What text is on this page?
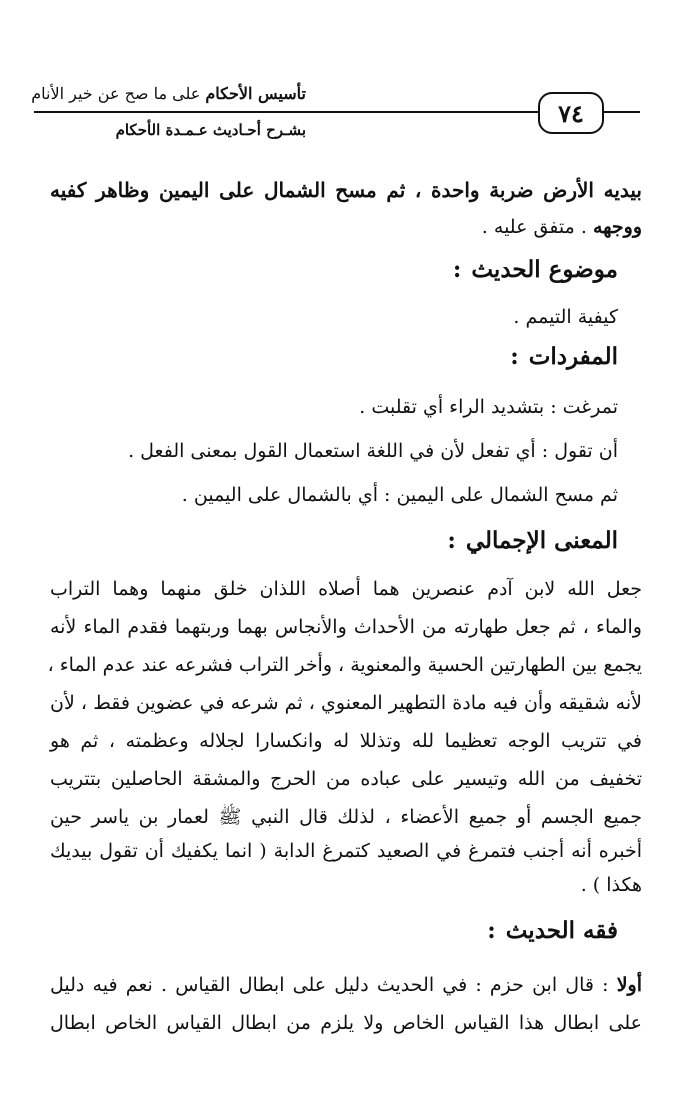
٧٤
تأسيس الأحكام على ما صح عن خير الأنام
بشـرح أحـاديث عـمـدة الأحكام
بيديه الأرض ضربة واحدة ، ثم مسح الشمال على اليمين وظاهر كفيه
ووجهه . متفق عليه .
موضوع الحديث:
كيفية التيمم .
المفردات:
تمرغت : بتشديد الراء أي تقلبت .
أن تقول : أي تفعل لأن في اللغة استعمال القول بمعنى الفعل .
ثم مسح الشمال على اليمين : أي بالشمال على اليمين .
المعنى الإجمالي:
جعل الله لابن آدم عنصرين هما أصلاه اللذان خلق منهما وهما التراب
والماء ، ثم جعل طهارته من الأحداث والأنجاس بهما وربتهما فقدم الماء لأنه
يجمع بين الطهارتين الحسية والمعنوية ، وأخر التراب فشرعه عند عدم الماء ،
لأنه شقيقه وأن فيه مادة التطهير المعنوي ، ثم شرعه في عضوين فقط ، لأن
في تتريب الوجه تعظيما لله وتذللا له وانكسارا لجلاله وعظمته ، ثم هو
تخفيف من الله وتيسير على عباده من الحرج والمشقة الحاصلين بتتريب
جميع الجسم أو جميع الأعضاء ، لذلك قال النبي ﷺ لعمار بن ياسر حين
أخبره أنه أجنب فتمرغ في الصعيد كتمرغ الدابة ( انما يكفيك أن تقول بيديك
هكذا ) .
فقه الحديث:
أولا : قال ابن حزم : في الحديث دليل على ابطال القياس . نعم فيه دليل
على ابطال هذا القياس الخاص ولا يلزم من ابطال القياس الخاص ابطال
